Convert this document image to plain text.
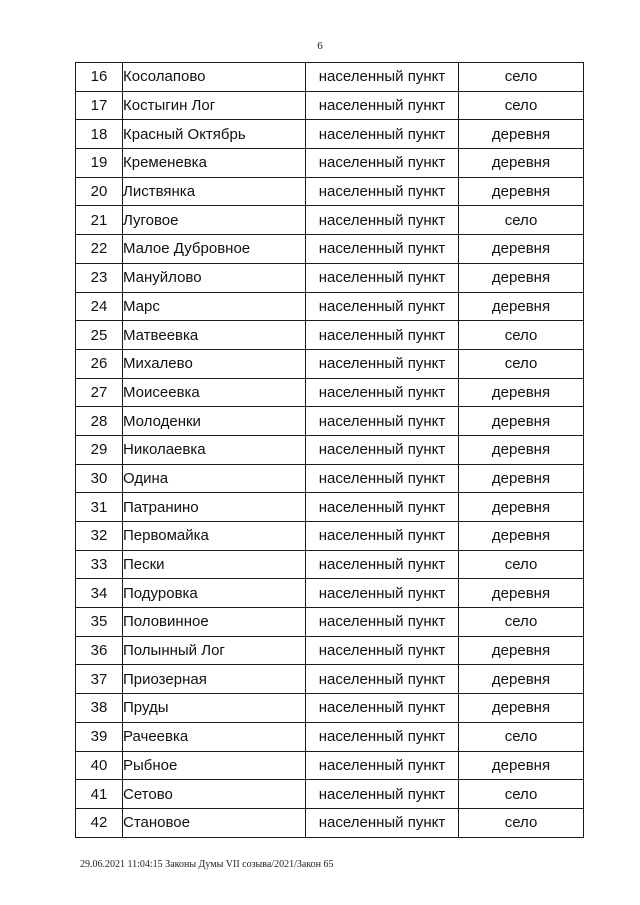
6
16	Косолапово	населенный пункт	село
17	Костыгин Лог	населенный пункт	село
18	Красный Октябрь	населенный пункт	деревня
19	Кременевка	населенный пункт	деревня
20	Листвянка	населенный пункт	деревня
21	Луговое	населенный пункт	село
22	Малое Дубровное	населенный пункт	деревня
23	Мануйлово	населенный пункт	деревня
24	Марс	населенный пункт	деревня
25	Матвеевка	населенный пункт	село
26	Михалево	населенный пункт	село
27	Моисеевка	населенный пункт	деревня
28	Молоденки	населенный пункт	деревня
29	Николаевка	населенный пункт	деревня
30	Одина	населенный пункт	деревня
31	Патранино	населенный пункт	деревня
32	Первомайка	населенный пункт	деревня
33	Пески	населенный пункт	село
34	Подуровка	населенный пункт	деревня
35	Половинное	населенный пункт	село
36	Полынный Лог	населенный пункт	деревня
37	Приозерная	населенный пункт	деревня
38	Пруды	населенный пункт	деревня
39	Рачеевка	населенный пункт	село
40	Рыбное	населенный пункт	деревня
41	Сетово	населенный пункт	село
42	Становое	населенный пункт	село
29.06.2021 11:04:15 Законы Думы VII созыва/2021/Закон 65
